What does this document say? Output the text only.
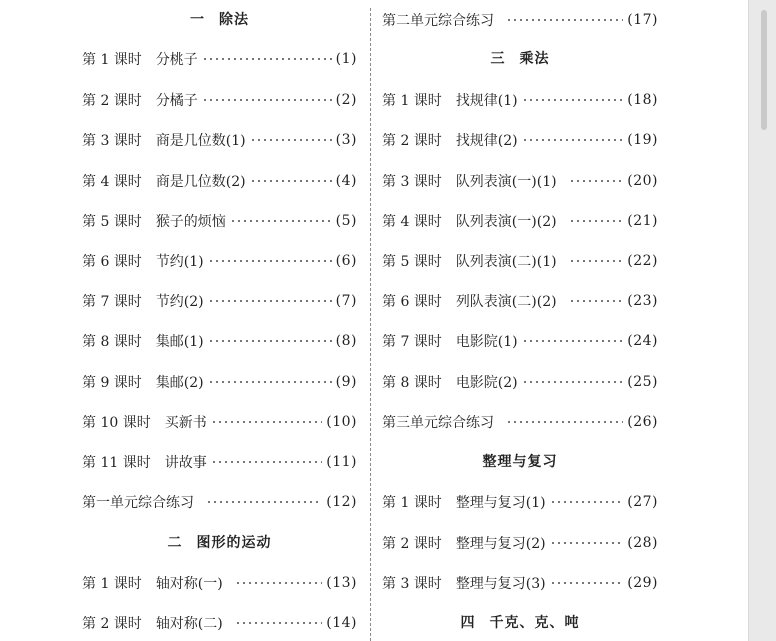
一 除法
第 1 课时 分桃子	(1)
第 2 课时 分橘子	(2)
第 3 课时 商是几位数(1)	(3)
第 4 课时 商是几位数(2)	(4)
第 5 课时 猴子的烦恼	(5)
第 6 课时 节约(1)	(6)
第 7 课时 节约(2)	(7)
第 8 课时 集邮(1)	(8)
第 9 课时 集邮(2)	(9)
第 10 课时 买新书	(10)
第 11 课时 讲故事	(11)
第一单元综合练习	(12)
二 图形的运动
第 1 课时 轴对称(一)	(13)
第 2 课时 轴对称(二)	(14)
第二单元综合练习	(17)
三 乘法
第 1 课时 找规律(1)	(18)
第 2 课时 找规律(2)	(19)
第 3 课时 队列表演(一)(1)	(20)
第 4 课时 队列表演(一)(2)	(21)
第 5 课时 队列表演(二)(1)	(22)
第 6 课时 列队表演(二)(2)	(23)
第 7 课时 电影院(1)	(24)
第 8 课时 电影院(2)	(25)
第三单元综合练习	(26)
整理与复习
第 1 课时 整理与复习(1)	(27)
第 2 课时 整理与复习(2)	(28)
第 3 课时 整理与复习(3)	(29)
四 千克、克、吨
